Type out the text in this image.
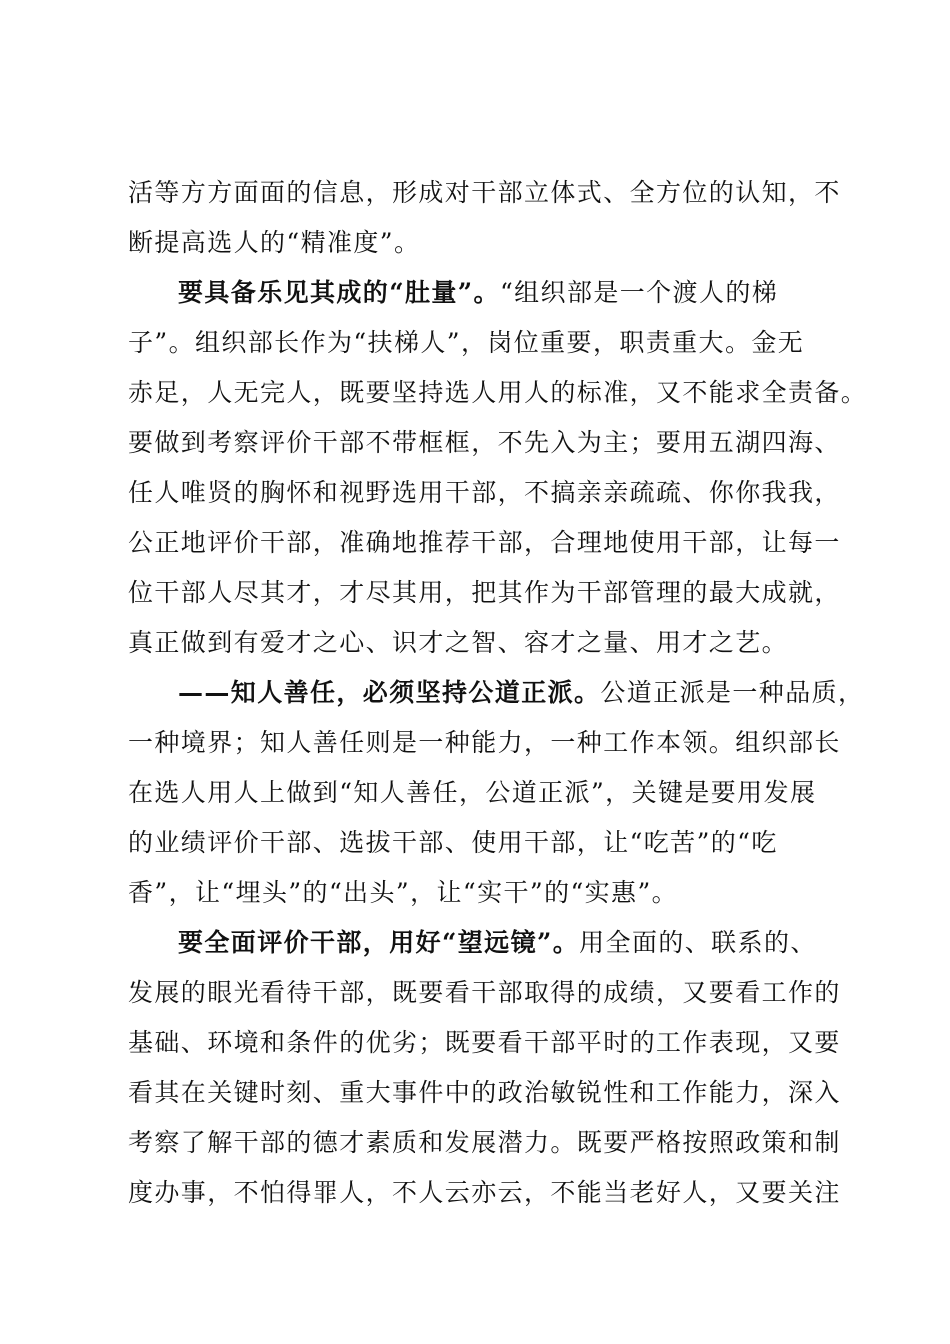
活等方方面面的信息，形成对干部立体式、全方位的认知，不
断提高选人的“精准度”。
要具备乐见其成的“肚量”。“组织部是一个渡人的梯
子”。组织部长作为“扶梯人”，岗位重要，职责重大。金无
赤足，人无完人，既要坚持选人用人的标准，又不能求全责备。
要做到考察评价干部不带框框，不先入为主；要用五湖四海、
任人唯贤的胸怀和视野选用干部，不搞亲亲疏疏、你你我我，
公正地评价干部，准确地推荐干部，合理地使用干部，让每一
位干部人尽其才，才尽其用，把其作为干部管理的最大成就，
真正做到有爱才之心、识才之智、容才之量、用才之艺。
——知人善任，必须坚持公道正派。公道正派是一种品质，
一种境界；知人善任则是一种能力，一种工作本领。组织部长
在选人用人上做到“知人善任，公道正派”，关键是要用发展
的业绩评价干部、选拔干部、使用干部，让“吃苦”的“吃
香”，让“埋头”的“出头”，让“实干”的“实惠”。
要全面评价干部，用好“望远镜”。用全面的、联系的、
发展的眼光看待干部，既要看干部取得的成绩，又要看工作的
基础、环境和条件的优劣；既要看干部平时的工作表现，又要
看其在关键时刻、重大事件中的政治敏锐性和工作能力，深入
考察了解干部的德才素质和发展潜力。既要严格按照政策和制
度办事，不怕得罪人，不人云亦云，不能当老好人，又要关注
